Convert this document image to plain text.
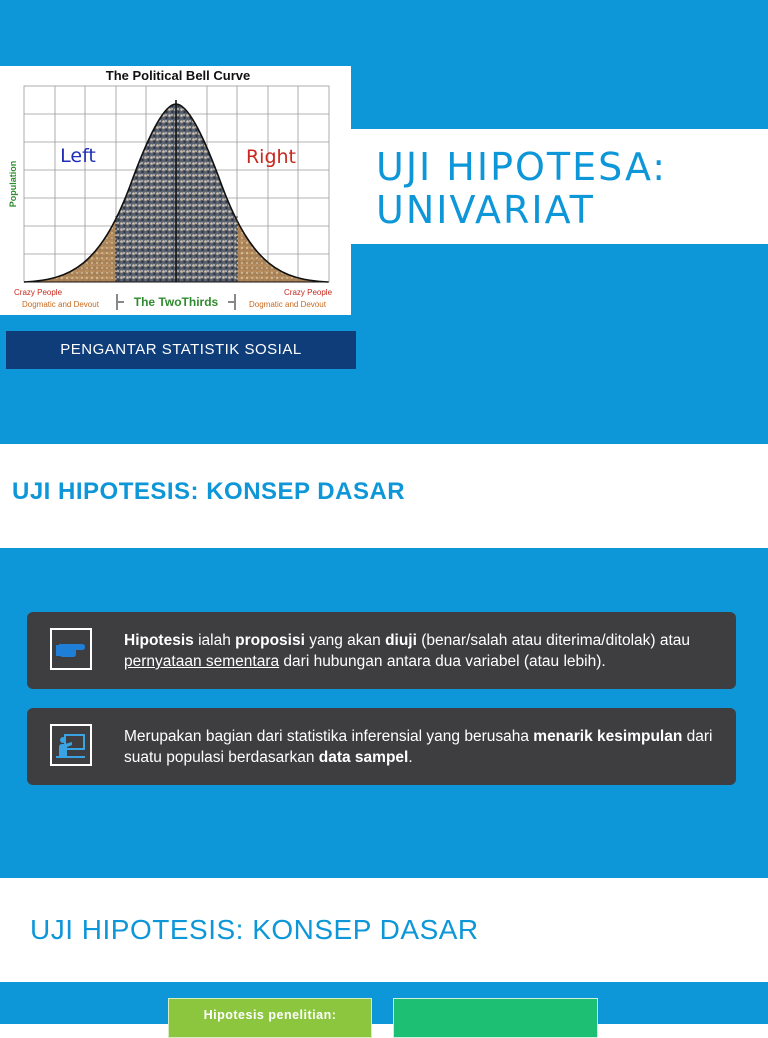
The Political Bell Curve
Left	Right
Population
Crazy People
Dogmatic and Devout
Crazy People
Dogmatic and Devout
The TwoThirds
UJI HIPOTESA: UNIVARIAT
PENGANTAR STATISTIK SOSIAL
UJI HIPOTESIS: KONSEP DASAR
Hipotesis ialah proposisi yang akan diuji (benar/salah atau diterima/ditolak) atau pernyataan sementara dari hubungan antara dua variabel (atau lebih).
Merupakan bagian dari statistika inferensial yang berusaha menarik kesimpulan dari suatu populasi berdasarkan data sampel.
UJI HIPOTESIS: KONSEP DASAR
Hipotesis penelitian:
